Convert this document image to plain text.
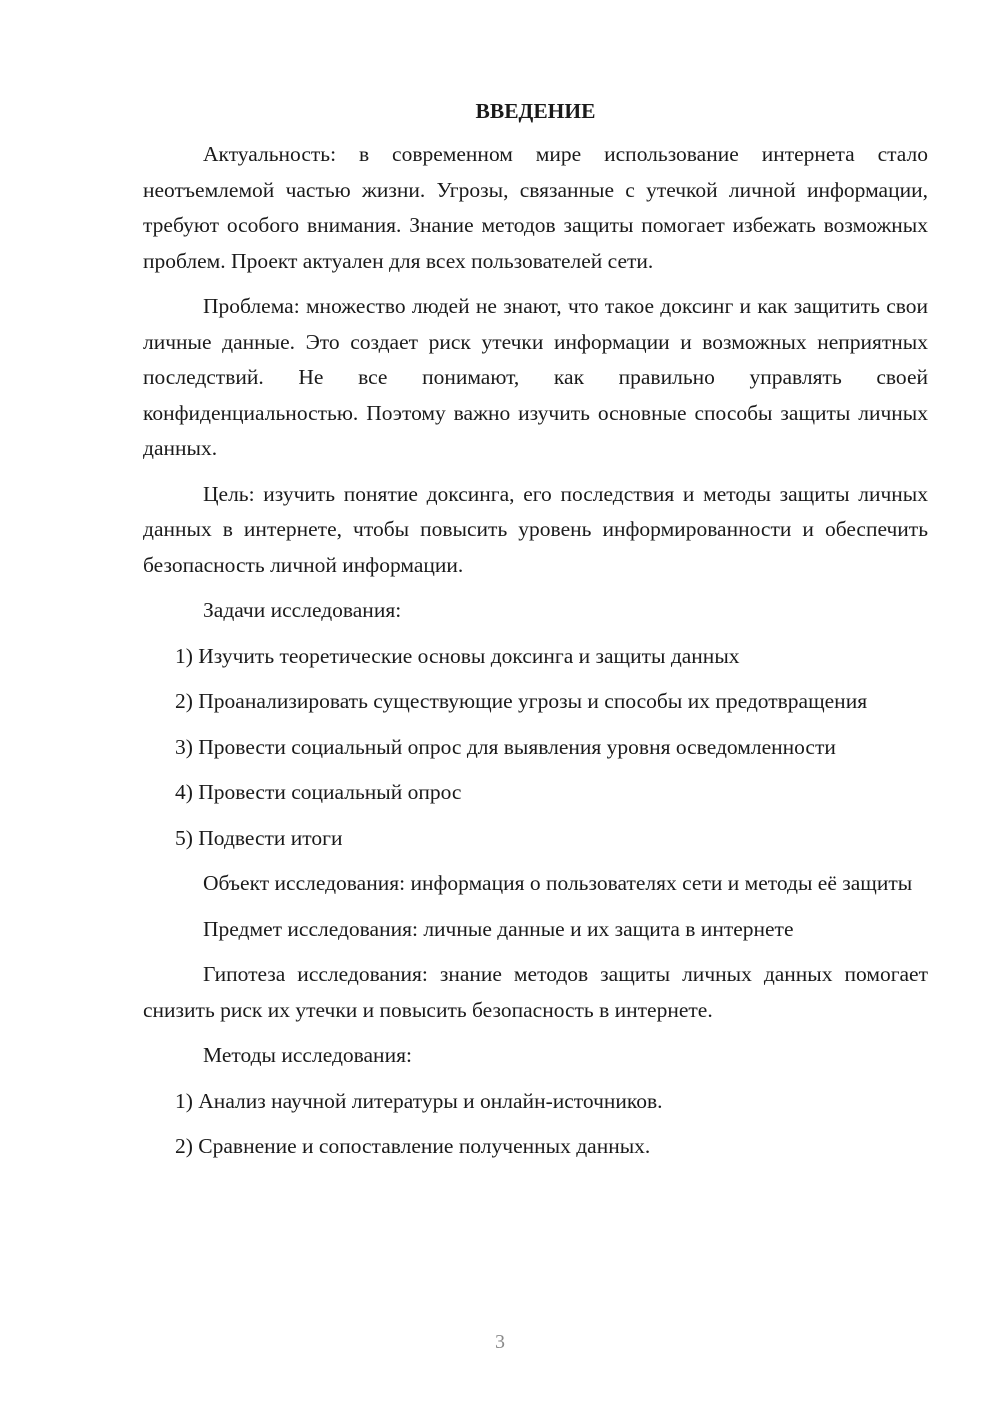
ВВЕДЕНИЕ

Актуальность: в современном мире использование интернета стало неотъемлемой частью жизни. Угрозы, связанные с утечкой личной информации, требуют особого внимания. Знание методов защиты помогает избежать возможных проблем. Проект актуален для всех пользователей сети.

Проблема: множество людей не знают, что такое доксинг и как защитить свои личные данные. Это создает риск утечки информации и возможных неприятных последствий. Не все понимают, как правильно управлять своей конфиденциальностью. Поэтому важно изучить основные способы защиты личных данных.

Цель: изучить понятие доксинга, его последствия и методы защиты личных данных в интернете, чтобы повысить уровень информированности и обеспечить безопасность личной информации.

Задачи исследования:

1) Изучить теоретические основы доксинга и защиты данных

2) Проанализировать существующие угрозы и способы их предотвращения

3) Провести социальный опрос для выявления уровня осведомленности

4) Провести социальный опрос

5) Подвести итоги

Объект исследования: информация о пользователях сети и методы её защиты

Предмет исследования: личные данные и их защита в интернете

Гипотеза исследования: знание методов защиты личных данных помогает снизить риск их утечки и повысить безопасность в интернете.

Методы исследования:

1) Анализ научной литературы и онлайн-источников.

2) Сравнение и сопоставление полученных данных.

3
